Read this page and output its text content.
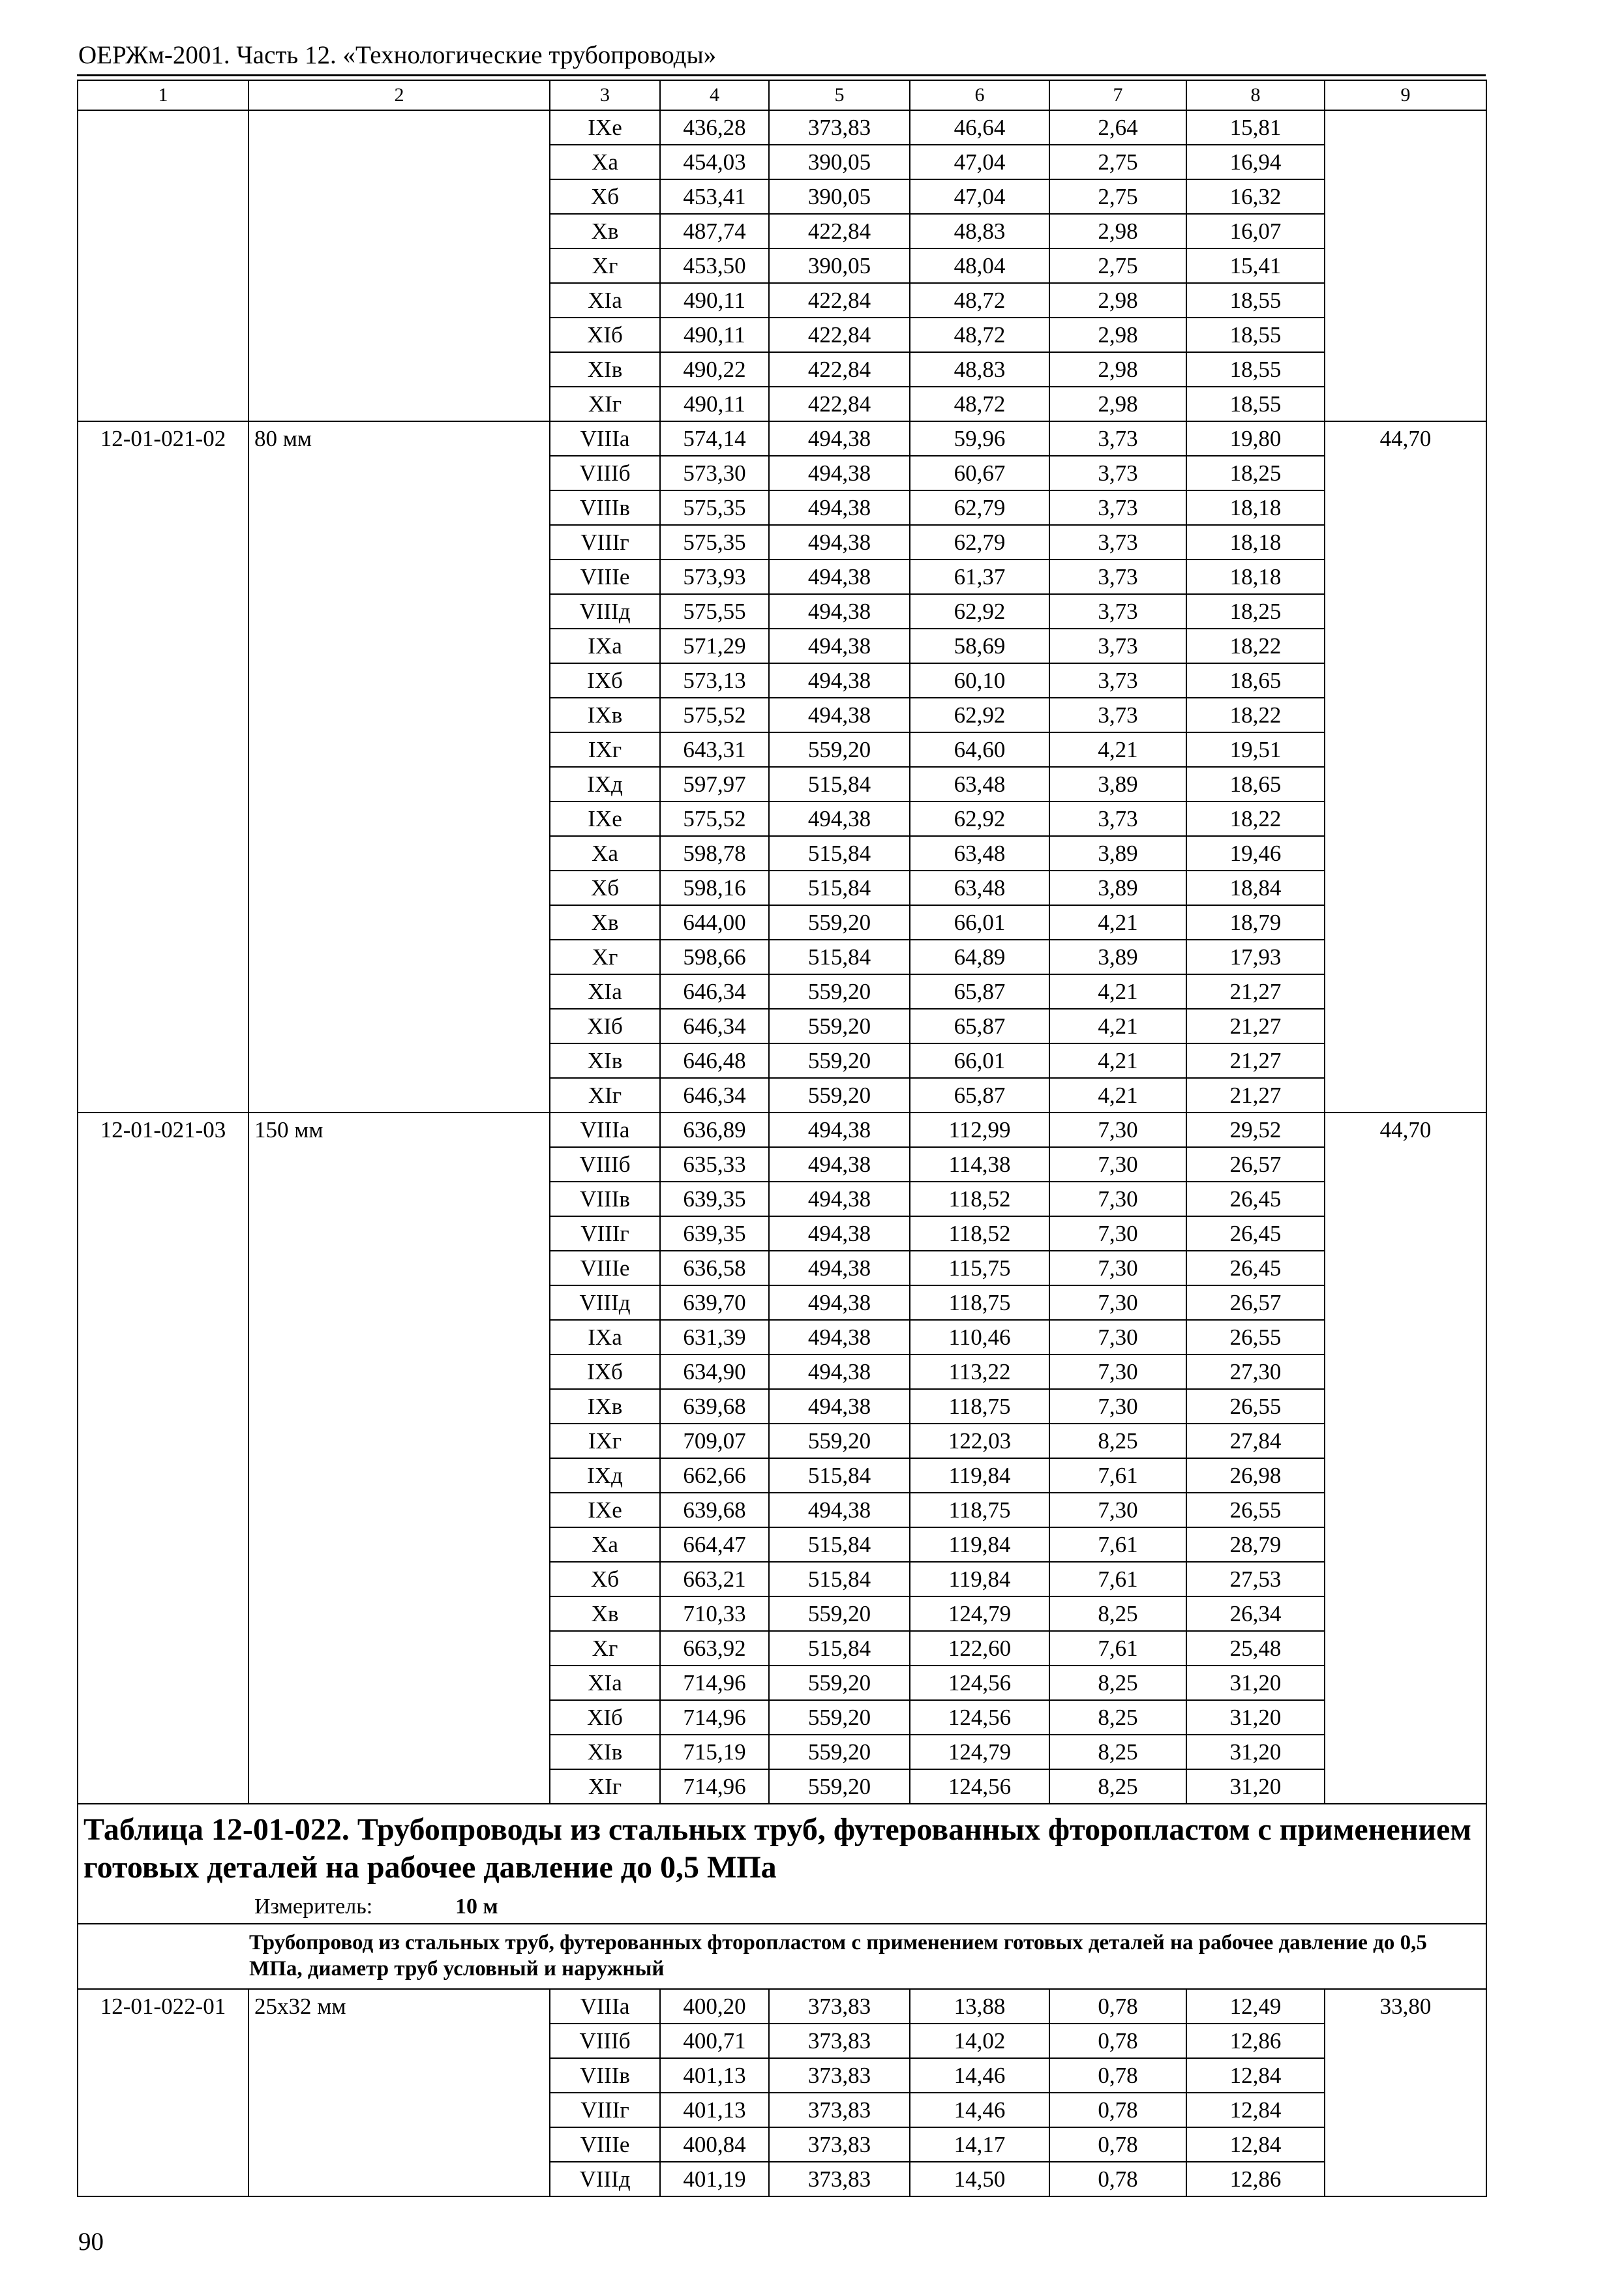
ОЕРЖм-2001. Часть 12. «Технологические трубопроводы»
1	2	3	4	5	6	7	8	9
		IXe	436,28	373,83	46,64	2,64	15,81	
		Xa	454,03	390,05	47,04	2,75	16,94	
		Xб	453,41	390,05	47,04	2,75	16,32	
		Xв	487,74	422,84	48,83	2,98	16,07	
		Xг	453,50	390,05	48,04	2,75	15,41	
		XIa	490,11	422,84	48,72	2,98	18,55	
		XIб	490,11	422,84	48,72	2,98	18,55	
		XIв	490,22	422,84	48,83	2,98	18,55	
		XIг	490,11	422,84	48,72	2,98	18,55	
12-01-021-02	80 мм	VIIIa	574,14	494,38	59,96	3,73	19,80	44,70
		VIIIб	573,30	494,38	60,67	3,73	18,25	
		VIIIв	575,35	494,38	62,79	3,73	18,18	
		VIIIг	575,35	494,38	62,79	3,73	18,18	
		VIIIe	573,93	494,38	61,37	3,73	18,18	
		VIIIд	575,55	494,38	62,92	3,73	18,25	
		IXa	571,29	494,38	58,69	3,73	18,22	
		IXб	573,13	494,38	60,10	3,73	18,65	
		IXв	575,52	494,38	62,92	3,73	18,22	
		IXг	643,31	559,20	64,60	4,21	19,51	
		IXд	597,97	515,84	63,48	3,89	18,65	
		IXe	575,52	494,38	62,92	3,73	18,22	
		Xa	598,78	515,84	63,48	3,89	19,46	
		Xб	598,16	515,84	63,48	3,89	18,84	
		Xв	644,00	559,20	66,01	4,21	18,79	
		Xг	598,66	515,84	64,89	3,89	17,93	
		XIa	646,34	559,20	65,87	4,21	21,27	
		XIб	646,34	559,20	65,87	4,21	21,27	
		XIв	646,48	559,20	66,01	4,21	21,27	
		XIг	646,34	559,20	65,87	4,21	21,27	
12-01-021-03	150 мм	VIIIa	636,89	494,38	112,99	7,30	29,52	44,70
		VIIIб	635,33	494,38	114,38	7,30	26,57	
		VIIIв	639,35	494,38	118,52	7,30	26,45	
		VIIIг	639,35	494,38	118,52	7,30	26,45	
		VIIIe	636,58	494,38	115,75	7,30	26,45	
		VIIIд	639,70	494,38	118,75	7,30	26,57	
		IXa	631,39	494,38	110,46	7,30	26,55	
		IXб	634,90	494,38	113,22	7,30	27,30	
		IXв	639,68	494,38	118,75	7,30	26,55	
		IXг	709,07	559,20	122,03	8,25	27,84	
		IXд	662,66	515,84	119,84	7,61	26,98	
		IXe	639,68	494,38	118,75	7,30	26,55	
		Xa	664,47	515,84	119,84	7,61	28,79	
		Xб	663,21	515,84	119,84	7,61	27,53	
		Xв	710,33	559,20	124,79	8,25	26,34	
		Xг	663,92	515,84	122,60	7,61	25,48	
		XIa	714,96	559,20	124,56	8,25	31,20	
		XIб	714,96	559,20	124,56	8,25	31,20	
		XIв	715,19	559,20	124,79	8,25	31,20	
		XIг	714,96	559,20	124,56	8,25	31,20	

Таблица 12-01-022. Трубопроводы из стальных труб, футерованных фторопластом с применением готовых деталей на рабочее давление до 0,5 МПа
Измеритель: 10 м								

Трубопровод из стальных труб, футерованных фторопластом с применением готовых деталей на рабочее давление до 0,5 МПа, диаметр труб условный и наружный								
12-01-022-01	25х32 мм	VIIIa	400,20	373,83	13,88	0,78	12,49	33,80
		VIIIб	400,71	373,83	14,02	0,78	12,86	
		VIIIв	401,13	373,83	14,46	0,78	12,84	
		VIIIг	401,13	373,83	14,46	0,78	12,84	
		VIIIe	400,84	373,83	14,17	0,78	12,84	
		VIIIд	401,19	373,83	14,50	0,78	12,86	
90
